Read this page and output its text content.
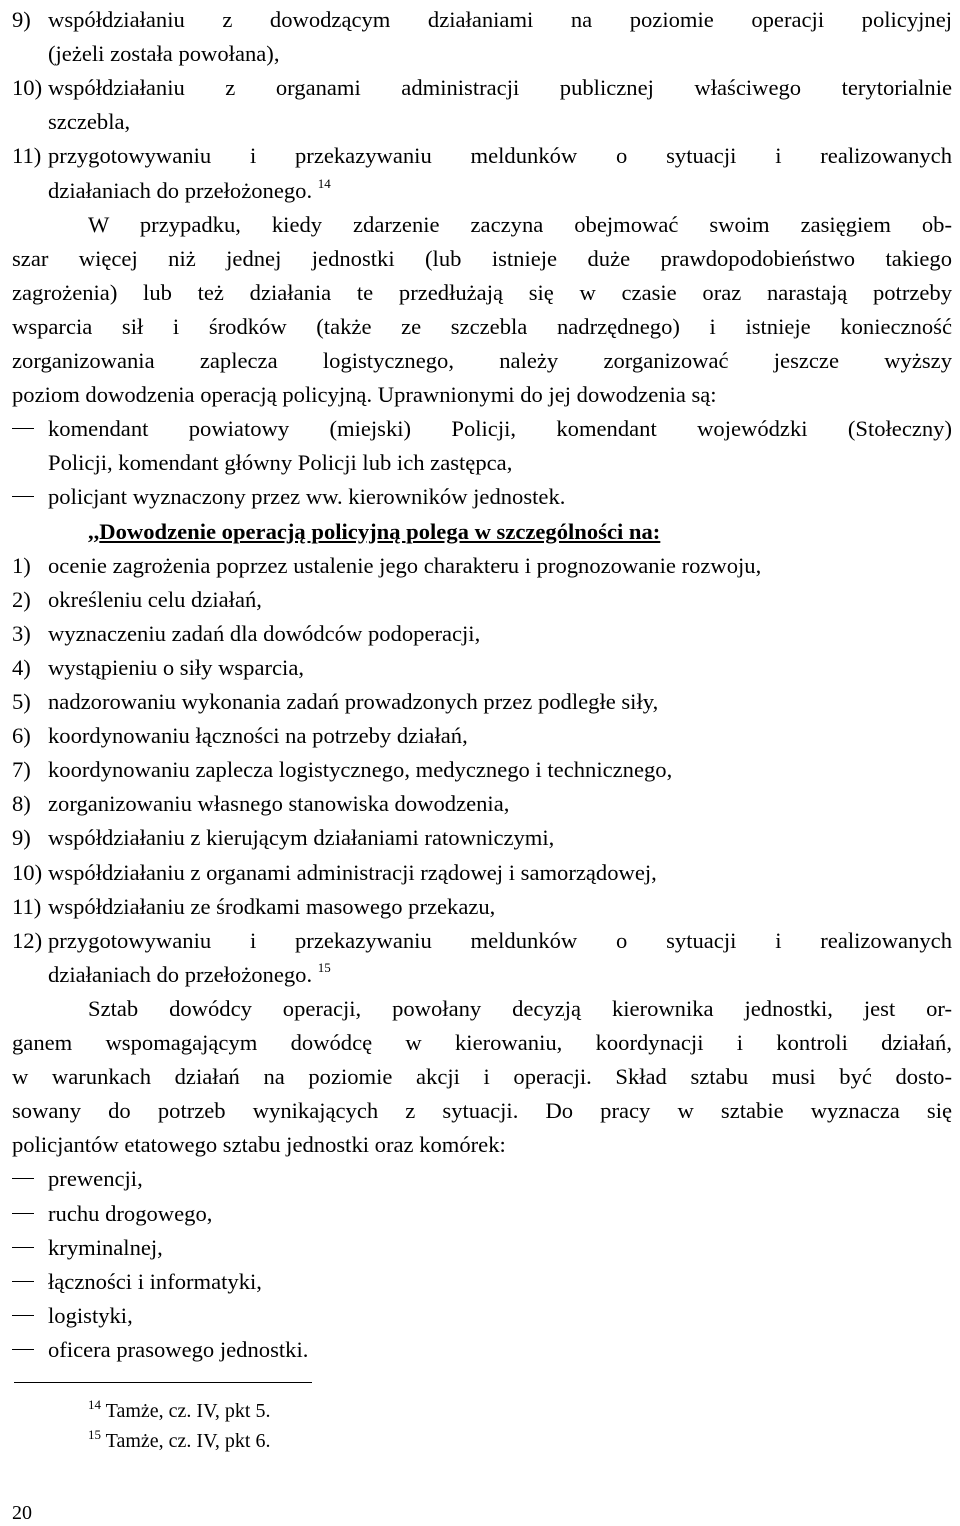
9) współdziałaniu z dowodzącym działaniami na poziomie operacji policyjnej
(jeżeli została powołana),
10) współdziałaniu z organami administracji publicznej właściwego terytorialnie
szczebla,
11) przygotowywaniu i przekazywaniu meldunków o sytuacji i realizowanych
działaniach do przełożonego. $^{14}$
W przypadku, kiedy zdarzenie zaczyna obejmować swoim zasięgiem ob-
szar więcej niż jednej jednostki (lub istnieje duże prawdopodobieństwo takiego
zagrożenia) lub też działania te przedłużają się w czasie oraz narastają potrzeby
wsparcia sił i środków (także ze szczebla nadrzędnego) i istnieje konieczność
zorganizowania zaplecza logistycznego, należy zorganizować jeszcze wyższy
poziom dowodzenia operacją policyjną. Uprawnionymi do jej dowodzenia są:
komendant powiatowy (miejski) Policji, komendant wojewódzki (Stołeczny)
Policji, komendant główny Policji lub ich zastępca,
policjant wyznaczony przez ww. kierowników jednostek.
,,Dowodzenie operacją policyjną polega w szczególności na:
1) ocenie zagrożenia poprzez ustalenie jego charakteru i prognozowanie rozwoju,
2) określeniu celu działań,
3) wyznaczeniu zadań dla dowódców podoperacji,
4) wystąpieniu o siły wsparcia,
5) nadzorowaniu wykonania zadań prowadzonych przez podległe siły,
6) koordynowaniu łączności na potrzeby działań,
7) koordynowaniu zaplecza logistycznego, medycznego i technicznego,
8) zorganizowaniu własnego stanowiska dowodzenia,
9) współdziałaniu z kierującym działaniami ratowniczymi,
10) współdziałaniu z organami administracji rządowej i samorządowej,
11) współdziałaniu ze środkami masowego przekazu,
12) przygotowywaniu i przekazywaniu meldunków o sytuacji i realizowanych
działaniach do przełożonego. $^{15}$
Sztab dowódcy operacji, powołany decyzją kierownika jednostki, jest or-
ganem wspomagającym dowódcę w kierowaniu, koordynacji i kontroli działań,
w warunkach działań na poziomie akcji i operacji. Skład sztabu musi być dosto-
sowany do potrzeb wynikających z sytuacji. Do pracy w sztabie wyznacza się
policjantów etatowego sztabu jednostki oraz komórek:
prewencji,
ruchu drogowego,
kryminalnej,
łączności i informatyki,
logistyki,
oficera prasowego jednostki.
$^{14}$ Tamże, cz. IV, pkt 5.
$^{15}$ Tamże, cz. IV, pkt 6.
20
